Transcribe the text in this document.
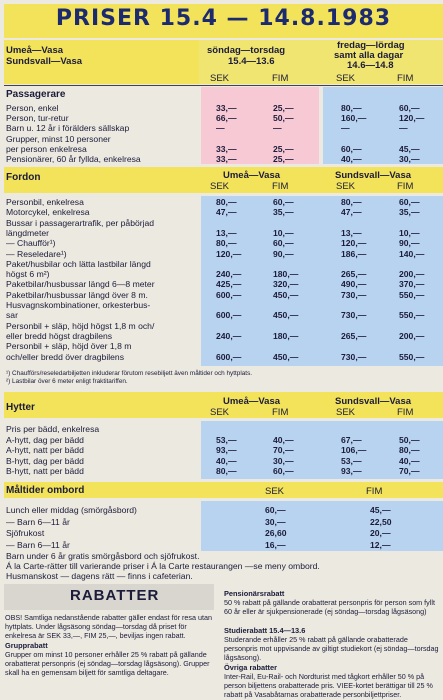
PRISER 15.4 — 14.8.1983
Umeå—Vasa
Sundsvall—Vasa
söndag—torsdag
15.4—13.6
fredag—lördag
samt alla dagar
14.6—14.8
SEK	FIM	SEK	FIM
Passagerare
Person, enkel	33,—	25,—	80,—	60,—
Person, tur-retur	66,—	50,—	160,—	120,—
Barn u. 12 år i förälders sällskap	—	—	—	—
Grupper, minst 10 personer
per person enkelresa	33,—	25,—	60,—	45,—
Pensionärer, 60 år fyllda, enkelresa	33,—	25,—	40,—	30,—
Fordon	Umeå—Vasa	Sundsvall—Vasa
SEK	FIM	SEK	FIM
Personbil, enkelresa	80,—	60,—	80,—	60,—
Motorcykel, enkelresa	47,—	35,—	47,—	35,—
Bussar i passagerartrafik, per påbörjad
längdmeter	13,—	10,—	13,—	10,—
— Chaufför¹)	80,—	60,—	120,—	90,—
— Reseledare¹)	120,—	90,—	186,—	140,—
Paket/husbilar och lätta lastbilar längd
högst 6 m²)	240,—	180,—	265,—	200,—
Paketbilar/husbussar längd 6—8 meter	425,—	320,—	490,—	370,—
Paketbilar/husbussar längd över 8 m.	600,—	450,—	730,—	550,—
Husvagnskombinationer, orkesterbus-
sar	600,—	450,—	730,—	550,—
Personbil + släp, höjd högst 1,8 m och/
eller bredd högst dragbilens	240,—	180,—	265,—	200,—
Personbil + släp, höjd över 1,8 m
och/eller bredd över dragbilens	600,—	450,—	730,—	550,—
¹) Chaufförs/reseledarbiljetten inkluderar förutom resebiljett även måltider och hyttplats.
²) Lastbilar över 6 meter enligt fraktitariffen.
Hytter
Umeå—Vasa	Sundsvall—Vasa
SEK	FIM	SEK	FIM
Pris per bädd, enkelresa
A-hytt, dag per bädd	53,—	40,—	67,—	50,—
A-hytt, natt per bädd	93,—	70,—	106,—	80,—
B-hytt, dag per bädd	40,—	30,—	53,—	40,—
B-hytt, natt per bädd	80,—	60,—	93,—	70,—
Måltider ombord	SEK	FIM
Lunch eller middag (smörgåsbord)	60,—	45,—
— Barn 6—11 år	30,—	22,50
Sjöfrukost	26,60	20,—
— Barn 6—11 år	16,—	12,—
Barn under 6 år gratis smörgåsbord och sjöfrukost.
Á la Carte-rätter till varierande priser i Á la Carte restaurangen —se meny ombord.
Husmanskost — dagens rätt — finns i cafeterian.
RABATTER
OBS! Samtliga nedanstående rabatter gäller endast för resa utan hyttplats. Under lågsäsong söndag—torsdag då priset för enkelresa är SEK 33,—, FIM 25,—, beviljas ingen rabatt.
Grupprabatt
Grupper om minst 10 personer erhåller 25 % rabatt på gällande orabatterat personpris (ej söndag—torsdag lågsäsong). Grupper skall ha en gemensam biljett för samtliga deltagare.
Pensionärsrabatt
50 % rabatt på gällande orabatterat personpris för person som fyllt 60 år eller är sjukpensionerade (ej söndag—torsdag lågsäsong)
Studierabatt 15.4—13.6
Studerande erhåller 25 % rabatt på gällande orabatterade personpris mot uppvisande av giltigt studiekort (ej söndag—torsdag lågsäsong).
Övriga rabatter
Inter-Rail, Eu-Rail- och Nordturist med tågkort erhåller 50 % på person biljettens orabatterade pris. VIEE-kortet berättigar till 25 % rabatt på Vasabåtarnas orabatterade personbiljettpriser.
